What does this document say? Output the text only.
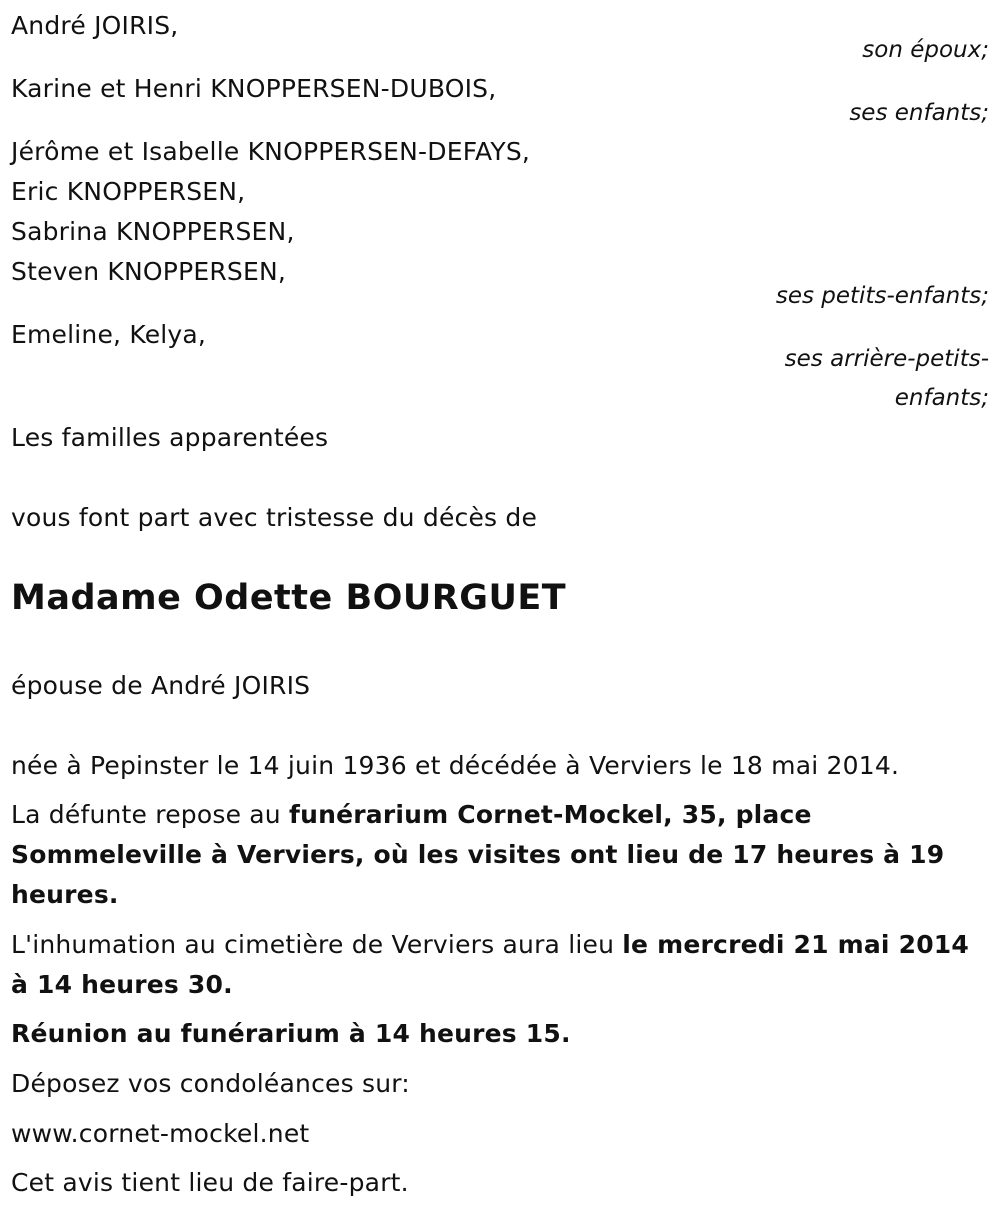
André JOIRIS,
son époux;
Karine et Henri KNOPPERSEN-DUBOIS,
ses enfants;
Jérôme et Isabelle KNOPPERSEN-DEFAYS,
Eric KNOPPERSEN,
Sabrina KNOPPERSEN,
Steven KNOPPERSEN,
ses petits-enfants;
Emeline, Kelya,
ses arrière-petits-
enfants;
Les familles apparentées
vous font part avec tristesse du décès de
Madame Odette BOURGUET
épouse de André JOIRIS
née à Pepinster le 14 juin 1936 et décédée à Verviers le 18 mai 2014.
La défunte repose au funérarium Cornet-Mockel, 35, place Sommeleville à Verviers, où les visites ont lieu de 17 heures à 19 heures.
L'inhumation au cimetière de Verviers aura lieu le mercredi 21 mai 2014 à 14 heures 30.
Réunion au funérarium à 14 heures 15.
Déposez vos condoléances sur:
www.cornet-mockel.net
Cet avis tient lieu de faire-part.
